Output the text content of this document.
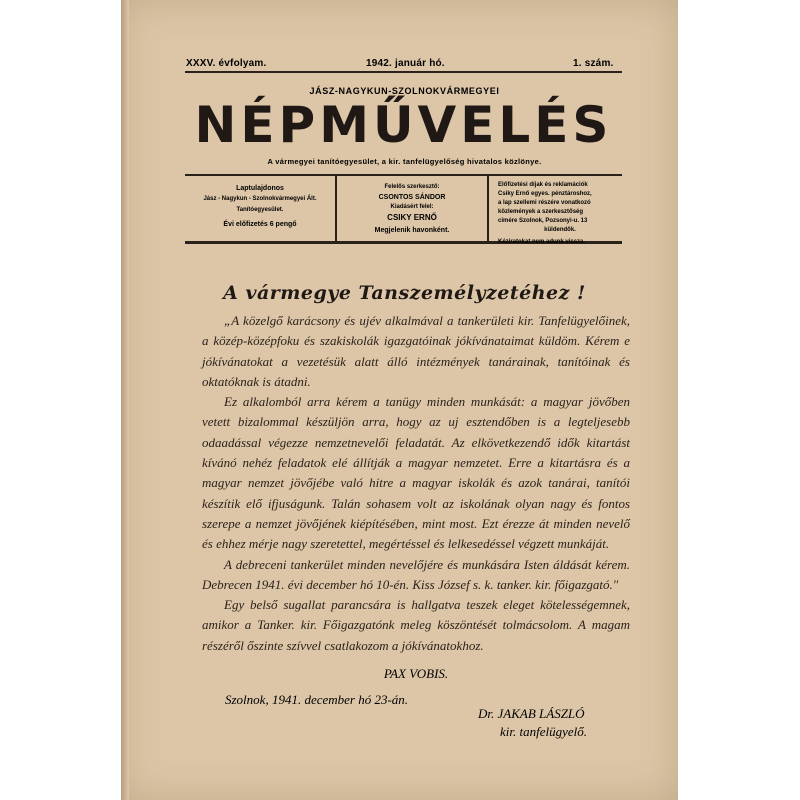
XXXV. évfolyam.	1942. január hó.	1. szám.
JÁSZ-NAGYKUN-SZOLNOKVÁRMEGYEI
NÉPMŰVELÉS
A vármegyei tanítóegyesület, a kir. tanfelügyelőség hivatalos közlönye.
Laptulajdonos
Jász - Nagykun - Szolnokvármegyei Ált.
Tanítóegyesület.
Évi előfizetés 6 pengő
Felelős szerkesztő:
CSONTOS SÁNDOR
Kiadásért felel:
CSIKY ERNŐ
Megjelenik havonként.
Előfizetési díjak és reklamációk
Csiky Ernő egyes. pénztároshoz,
a lap szellemi részére vonatkozó
közlemények a szerkesztőség
címére Szolnok, Pozsonyi-u. 13
küldendők.
Kéziratokat nem adunk vissza.
A vármegye Tanszemélyzetéhez !

„A közelgő karácsony és ujév alkalmával a tankerületi kir. Tanfelügyelőinek, a közép-középfoku és szakiskolák igazgatóinak jókívánataimat küldöm. Kérem e jókívánatokat a vezetésük alatt álló intézmények tanárainak, tanítóinak és oktatóknak is átadni.

Ez alkalomból arra kérem a tanügy minden munkását: a magyar jövőben vetett bizalommal készüljön arra, hogy az uj esztendőben is a legteljesebb odaadással végezze nemzetnevelői feladatát. Az elkövetkezendő idők kitartást kívánó nehéz feladatok elé állítják a magyar nemzetet. Erre a kitartásra és a magyar nemzet jövőjébe való hitre a magyar iskolák és azok tanárai, tanítói készítik elő ifjuságunk. Talán sohasem volt az iskolának olyan nagy és fontos szerepe a nemzet jövőjének kiépítésében, mint most. Ezt érezze át minden nevelő és ehhez mérje nagy szeretettel, megértéssel és lelkesedéssel végzett munkáját.

A debreceni tankerület minden nevelőjére és munkására Isten áldását kérem. Debrecen 1941. évi december hó 10-én. Kiss József s. k. tanker. kir. főigazgató."

Egy belső sugallat parancsára is hallgatva teszek eleget kötelességemnek, amikor a Tanker. kir. Főigazgatónk meleg köszöntését tolmácsolom. A magam részéről őszinte szívvel csatlakozom a jókívánatokhoz.

PAX VOBIS.
Szolnok, 1941. december hó 23-án.
Dr. JAKAB LÁSZLÓ
kir. tanfelügyelő.
